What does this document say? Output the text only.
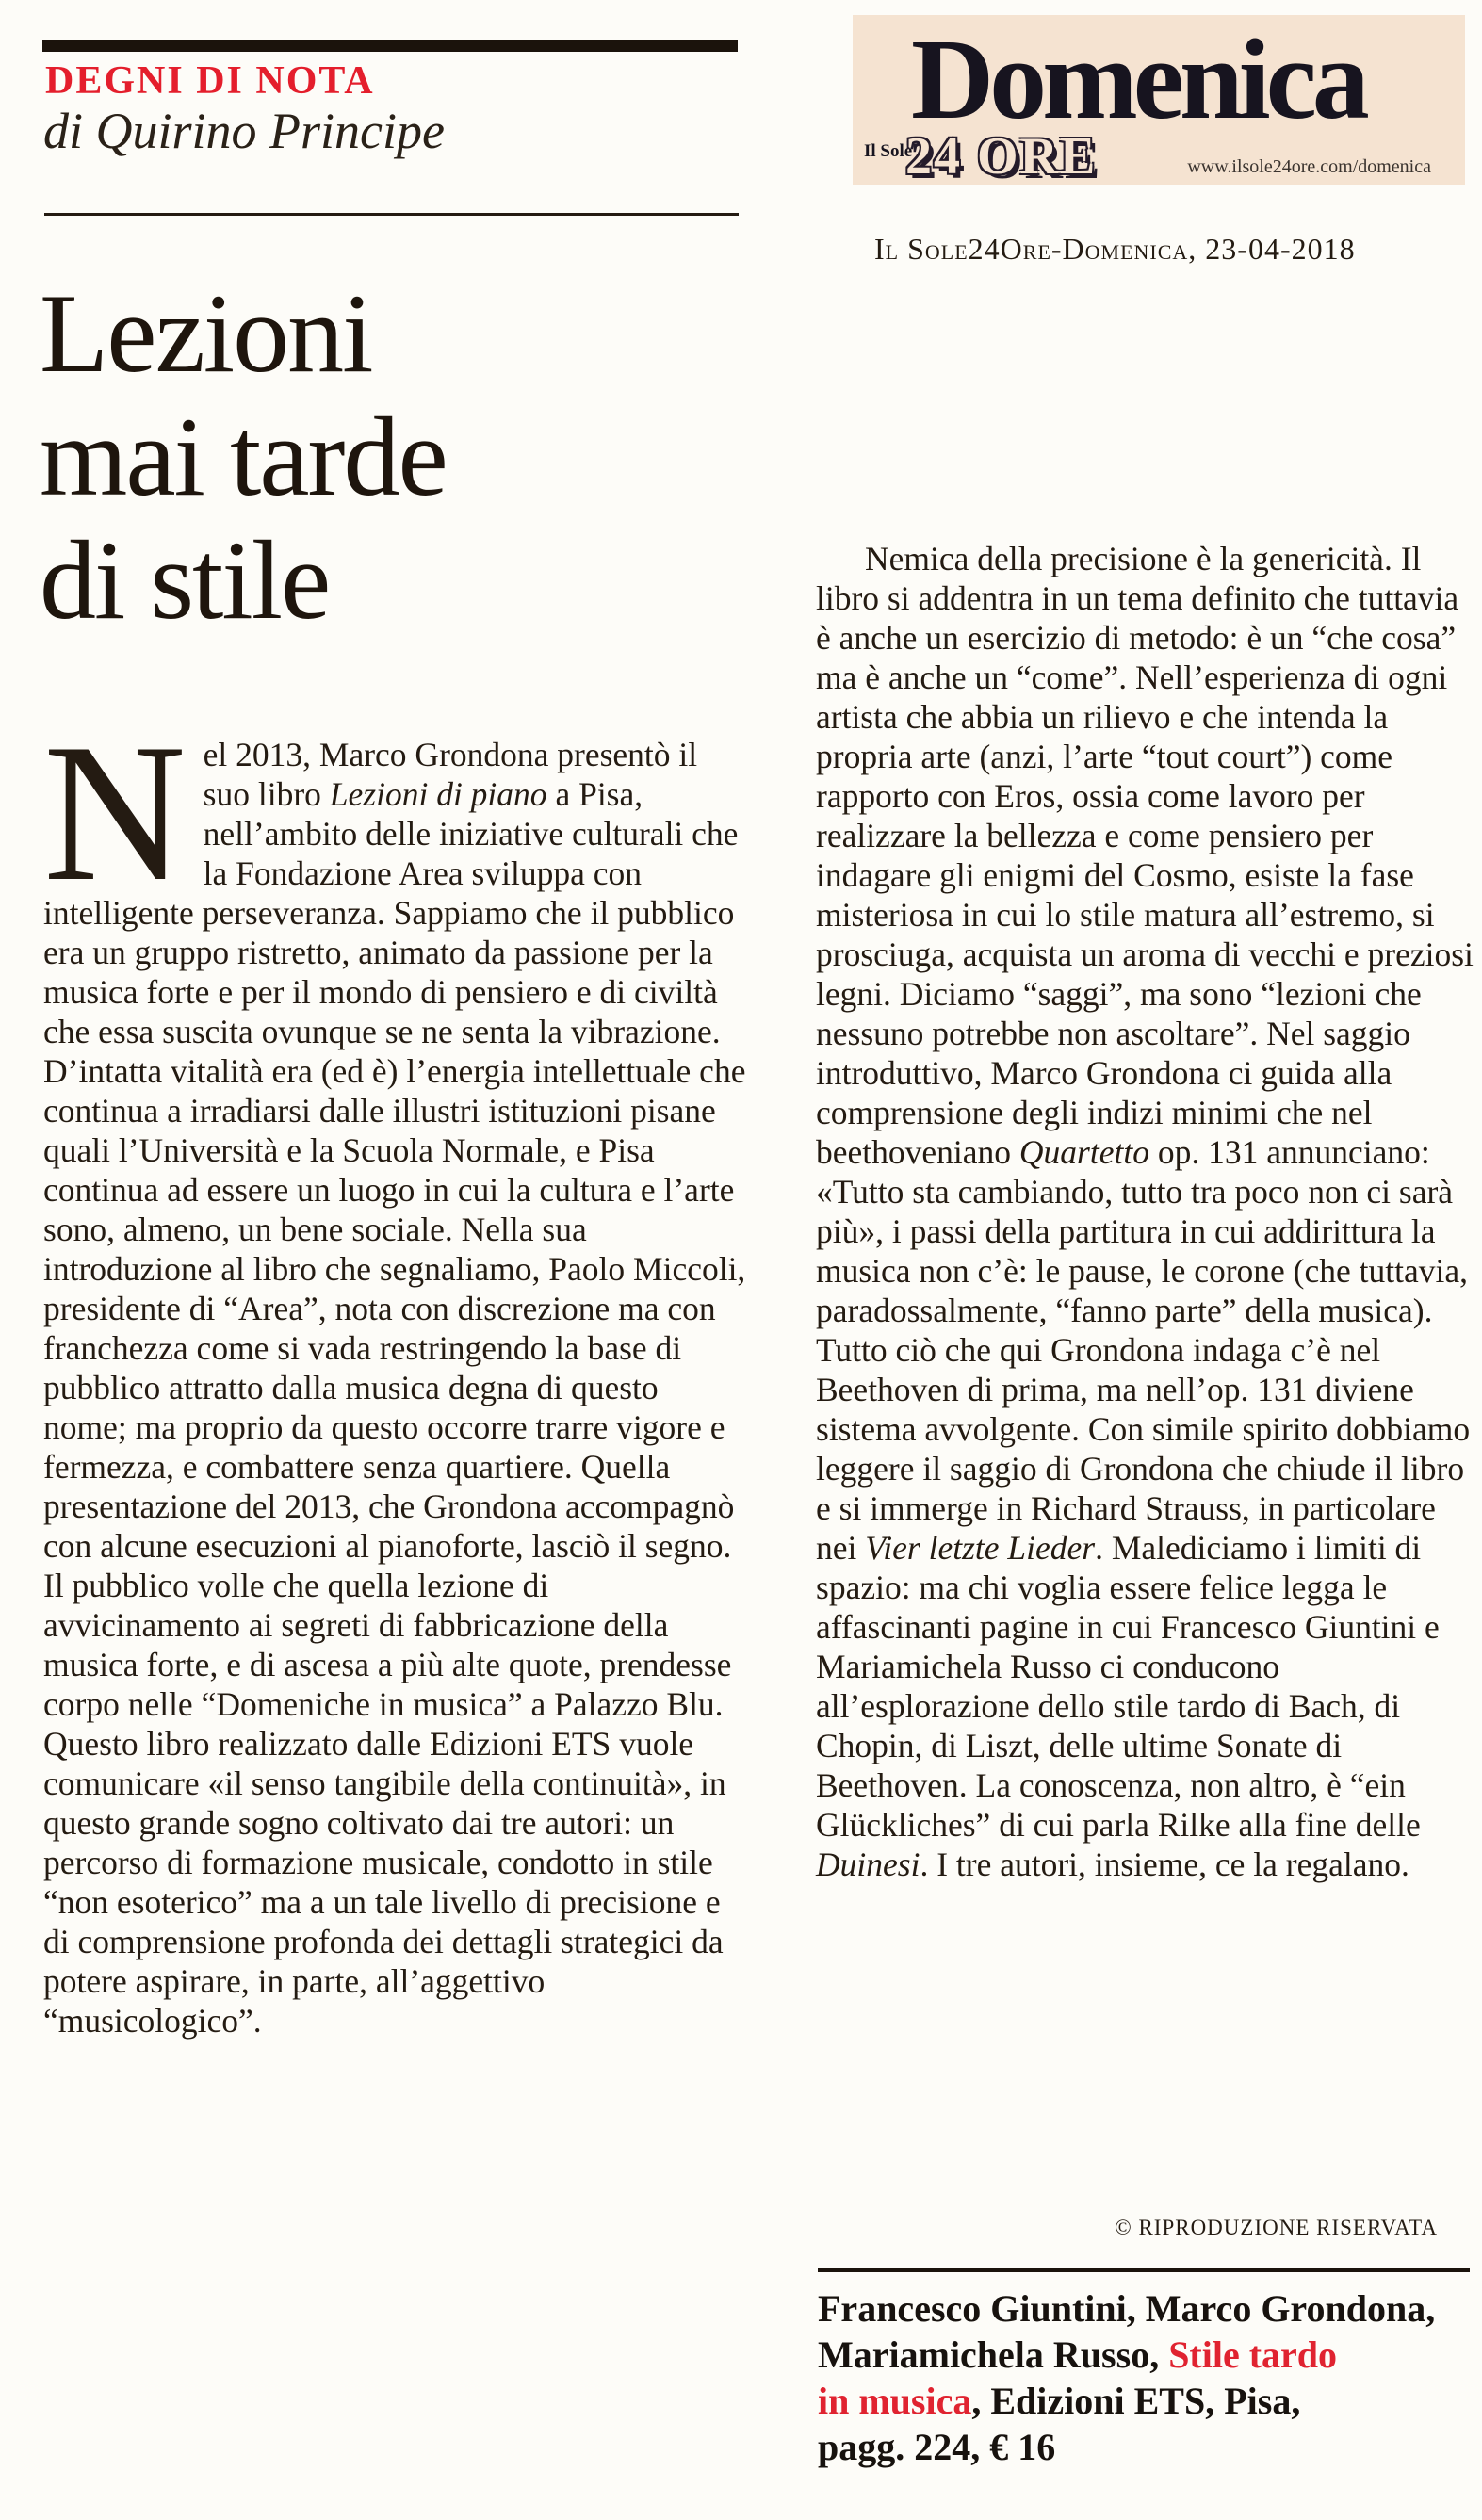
DEGNI DI NOTA
di Quirino Principe
Lezioni
mai tarde
di stile
Domenica
Il Sole
24 ORE	www.ilsole24ore.com/domenica
Il Sole24Ore-Domenica, 23-04-2018
Nel 2013, Marco Grondona presentò il suo libro Lezioni di piano a Pisa, nell’ambito delle iniziative culturali che la Fondazione Area sviluppa con intelligente perseveranza. Sappiamo che il pubblico era un gruppo ristretto, animato da passione per la musica forte e per il mondo di pensiero e di civiltà che essa suscita ovunque se ne senta la vibrazione. D’intatta vitalità era (ed è) l’energia intellettuale che continua a irradiarsi dalle illustri istituzioni pisane quali l’Università e la Scuola Normale, e Pisa continua ad essere un luogo in cui la cultura e l’arte sono, almeno, un bene sociale. Nella sua introduzione al libro che segnaliamo, Paolo Miccoli, presidente di “Area”, nota con discrezione ma con franchezza come si vada restringendo la base di pubblico attratto dalla musica degna di questo nome; ma proprio da questo occorre trarre vigore e fermezza, e combattere senza quartiere. Quella presentazione del 2013, che Grondona accompagnò con alcune esecuzioni al pianoforte, lasciò il segno. Il pubblico volle che quella lezione di avvicinamento ai segreti di fabbricazione della musica forte, e di ascesa a più alte quote, prendesse corpo nelle “Domeniche in musica” a Palazzo Blu. Questo libro realizzato dalle Edizioni ETS vuole comunicare «il senso tangibile della continuità», in questo grande sogno coltivato dai tre autori: un percorso di formazione musicale, condotto in stile “non esoterico” ma a un tale livello di precisione e di comprensione profonda dei dettagli strategici da potere aspirare, in parte, all’aggettivo “musicologico”.
Nemica della precisione è la genericità. Il libro si addentra in un tema definito che tuttavia è anche un esercizio di metodo: è un “che cosa” ma è anche un “come”. Nell’esperienza di ogni artista che abbia un rilievo e che intenda la propria arte (anzi, l’arte “tout court”) come rapporto con Eros, ossia come lavoro per realizzare la bellezza e come pensiero per indagare gli enigmi del Cosmo, esiste la fase misteriosa in cui lo stile matura all’estremo, si prosciuga, acquista un aroma di vecchi e preziosi legni. Diciamo “saggi”, ma sono “lezioni che nessuno potrebbe non ascoltare”. Nel saggio introduttivo, Marco Grondona ci guida alla comprensione degli indizi minimi che nel beethoveniano Quartetto op. 131 annunciano: «Tutto sta cambiando, tutto tra poco non ci sarà più», i passi della partitura in cui addirittura la musica non c’è: le pause, le corone (che tuttavia, paradossalmente, “fanno parte” della musica). Tutto ciò che qui Grondona indaga c’è nel Beethoven di prima, ma nell’op. 131 diviene sistema avvolgente. Con simile spirito dobbiamo leggere il saggio di Grondona che chiude il libro e si immerge in Richard Strauss, in particolare nei Vier letzte Lieder. Malediciamo i limiti di spazio: ma chi voglia essere felice legga le affascinanti pagine in cui Francesco Giuntini e Mariamichela Russo ci conducono all’esplorazione dello stile tardo di Bach, di Chopin, di Liszt, delle ultime Sonate di Beethoven. La conoscenza, non altro, è “ein Glückliches” di cui parla Rilke alla fine delle Duinesi. I tre autori, insieme, ce la regalano.
© RIPRODUZIONE RISERVATA
Francesco Giuntini, Marco Grondona,
Mariamichela Russo, Stile tardo
in musica, Edizioni ETS, Pisa,
pagg. 224, € 16
